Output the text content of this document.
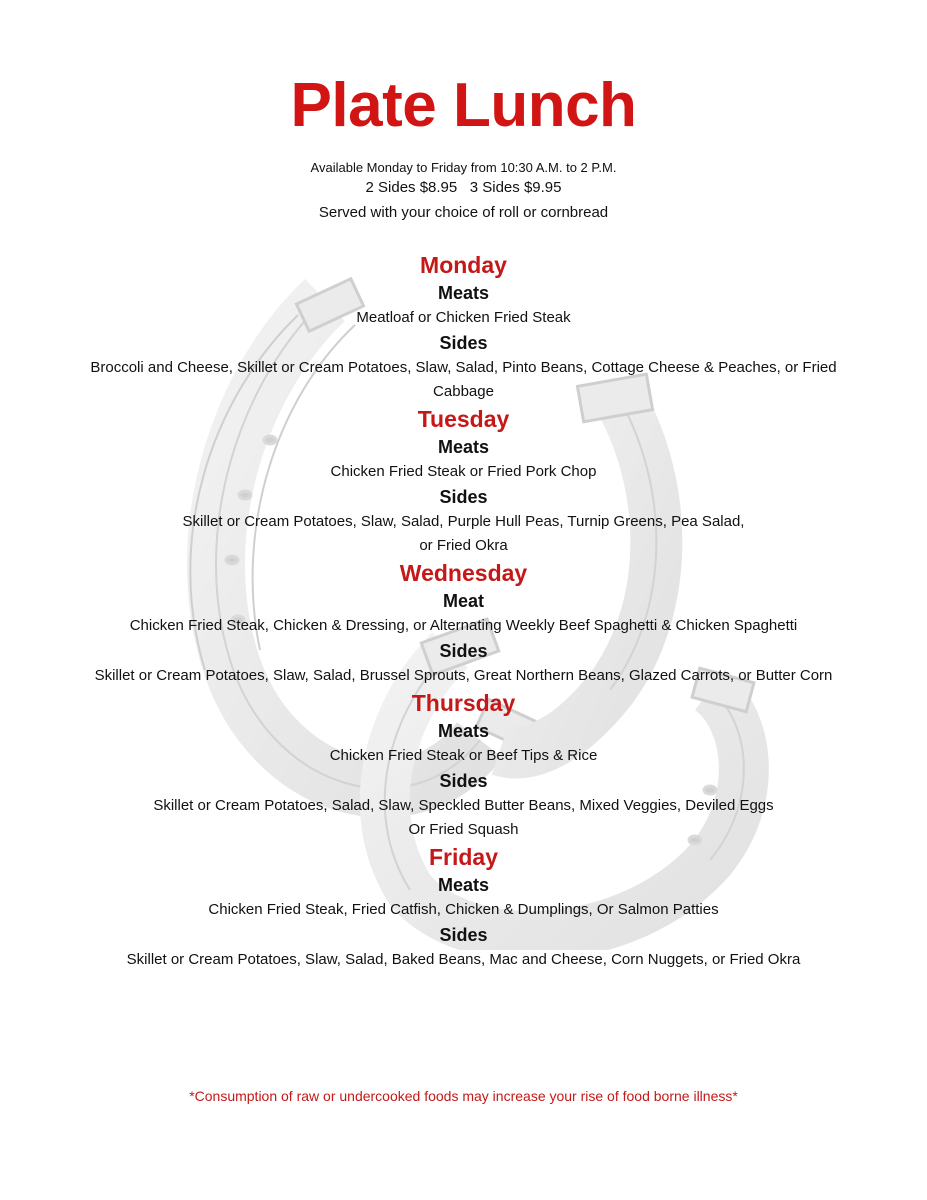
Plate Lunch
Available Monday to Friday from 10:30 A.M. to 2 P.M.
2 Sides $8.95   3 Sides $9.95
Served with your choice of roll or cornbread
Monday
Meats
Meatloaf or Chicken Fried Steak
Sides
Broccoli and Cheese, Skillet or Cream Potatoes, Slaw, Salad, Pinto Beans, Cottage Cheese & Peaches, or Fried
Cabbage
Tuesday
Meats
Chicken Fried Steak or Fried Pork Chop
Sides
Skillet or Cream Potatoes, Slaw, Salad, Purple Hull Peas, Turnip Greens, Pea Salad,
or Fried Okra
Wednesday
Meat
Chicken Fried Steak, Chicken & Dressing, or Alternating Weekly Beef Spaghetti & Chicken Spaghetti
Sides
Skillet or Cream Potatoes, Slaw, Salad, Brussel Sprouts, Great Northern Beans, Glazed Carrots, or Butter Corn
Thursday
Meats
Chicken Fried Steak or Beef Tips & Rice
Sides
Skillet or Cream Potatoes, Salad, Slaw, Speckled Butter Beans, Mixed Veggies, Deviled Eggs
Or Fried Squash
Friday
Meats
Chicken Fried Steak, Fried Catfish, Chicken & Dumplings, Or Salmon Patties
Sides
Skillet or Cream Potatoes, Slaw, Salad, Baked Beans, Mac and Cheese, Corn Nuggets, or Fried Okra
*Consumption of raw or undercooked foods may increase your rise of food borne illness*
